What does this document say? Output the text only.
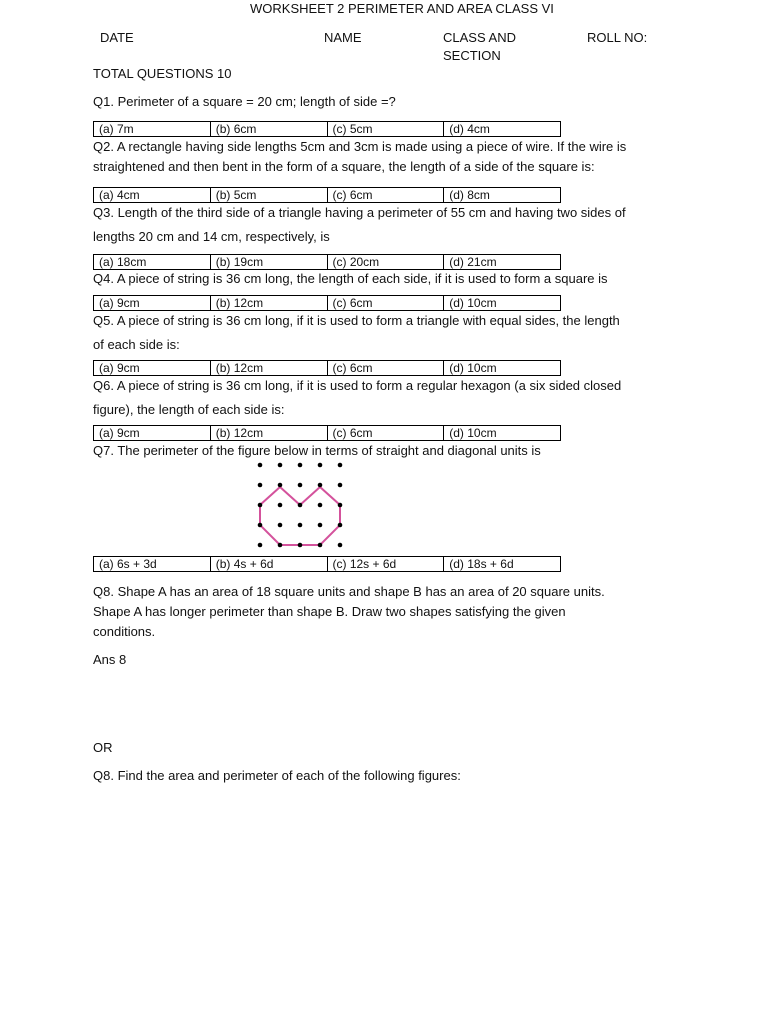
WORKSHEET 2 PERIMETER AND AREA CLASS VI
DATE	NAME	CLASS AND
SECTION
ROLL NO:
TOTAL QUESTIONS 10
Q1. Perimeter of a square = 20 cm; length of side =?
(a) 7m	(b) 6cm	(c) 5cm	(d) 4cm
Q2. A rectangle having side lengths 5cm and 3cm is made using a piece of wire. If the wire is straightened and then bent in the form of a square, the length of a side of the square is:
(a) 4cm	(b) 5cm	(c) 6cm	(d) 8cm
Q3. Length of the third side of a triangle having a perimeter of 55 cm and having two sides of
lengths 20 cm and 14 cm, respectively, is
(a) 18cm	(b) 19cm	(c) 20cm	(d) 21cm
Q4. A piece of string is 36 cm long, the length of each side, if it is used to form a square is
(a) 9cm	(b) 12cm	(c) 6cm	(d) 10cm
Q5. A piece of string is 36 cm long, if it is used to form a triangle with equal sides, the length
of each side is:
(a) 9cm	(b) 12cm	(c) 6cm	(d) 10cm
Q6. A piece of string is 36 cm long, if it is used to form a regular hexagon (a six sided closed
figure), the length of each side is:
(a) 9cm	(b) 12cm	(c) 6cm	(d) 10cm
Q7. The perimeter of the figure below in terms of straight and diagonal units is
(a) 6s + 3d	(b) 4s + 6d	(c) 12s + 6d	(d) 18s + 6d
Q8. Shape A has an area of 18 square units and shape B has an area of 20 square units.
Shape A has longer perimeter than shape B. Draw two shapes satisfying the given
conditions.
Ans 8
OR
Q8. Find the area and perimeter of each of the following figures:
